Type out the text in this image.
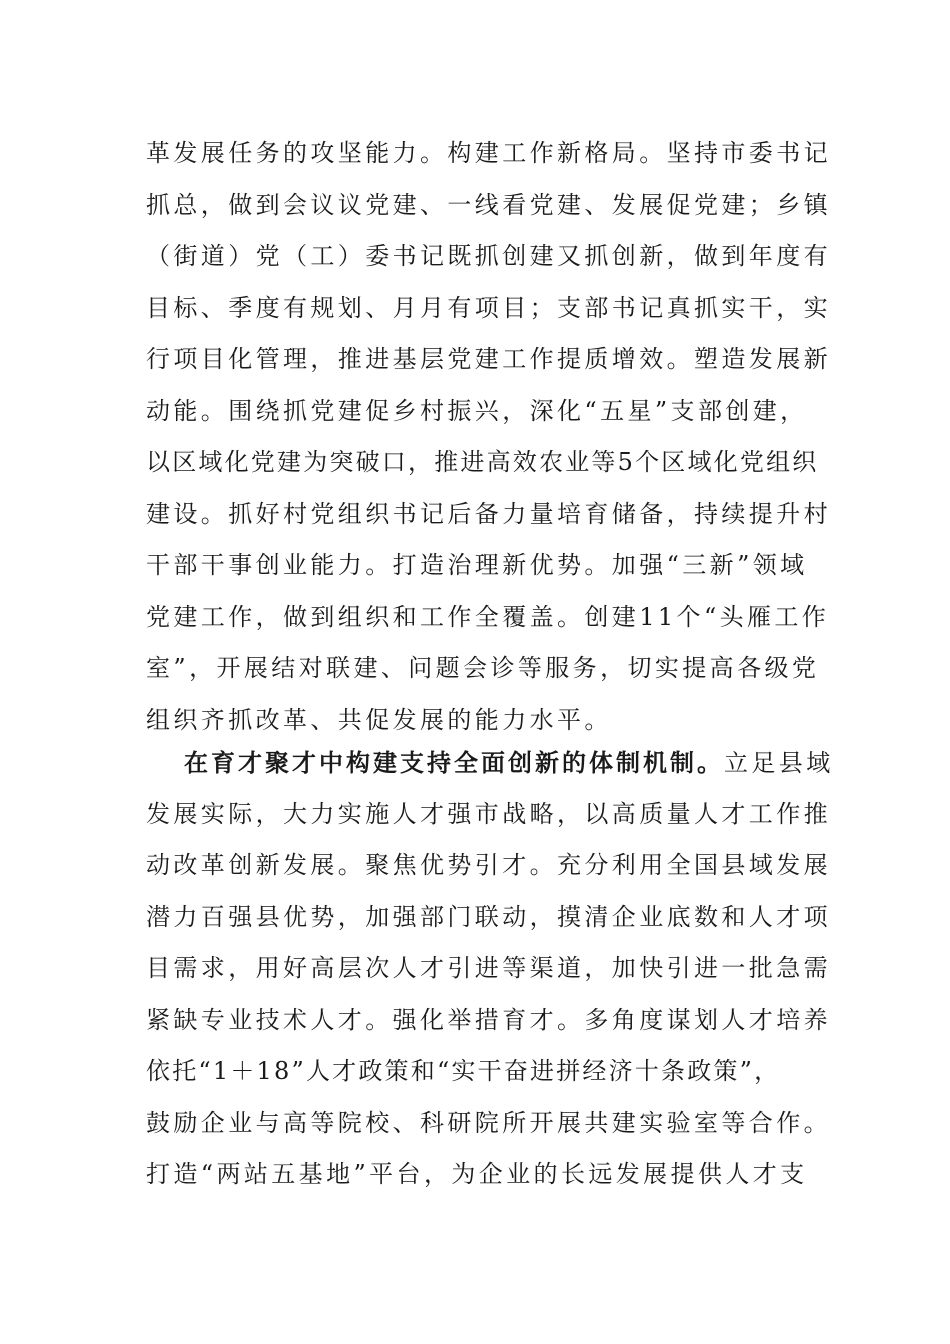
革发展任务的攻坚能力。构建工作新格局。坚持市委书记
抓总，做到会议议党建、一线看党建、发展促党建；乡镇
（街道）党（工）委书记既抓创建又抓创新，做到年度有
目标、季度有规划、月月有项目；支部书记真抓实干，实
行项目化管理，推进基层党建工作提质增效。塑造发展新
动能。围绕抓党建促乡村振兴，深化“五星”支部创建，
以区域化党建为突破口，推进高效农业等5个区域化党组织
建设。抓好村党组织书记后备力量培育储备，持续提升村
干部干事创业能力。打造治理新优势。加强“三新”领域
党建工作，做到组织和工作全覆盖。创建11个“头雁工作
室”，开展结对联建、问题会诊等服务，切实提高各级党
组织齐抓改革、共促发展的能力水平。
在育才聚才中构建支持全面创新的体制机制。立足县域
发展实际，大力实施人才强市战略，以高质量人才工作推
动改革创新发展。聚焦优势引才。充分利用全国县域发展
潜力百强县优势，加强部门联动，摸清企业底数和人才项
目需求，用好高层次人才引进等渠道，加快引进一批急需
紧缺专业技术人才。强化举措育才。多角度谋划人才培养
依托“1＋18”人才政策和“实干奋进拼经济十条政策”，
鼓励企业与高等院校、科研院所开展共建实验室等合作。
打造“两站五基地”平台，为企业的长远发展提供人才支
